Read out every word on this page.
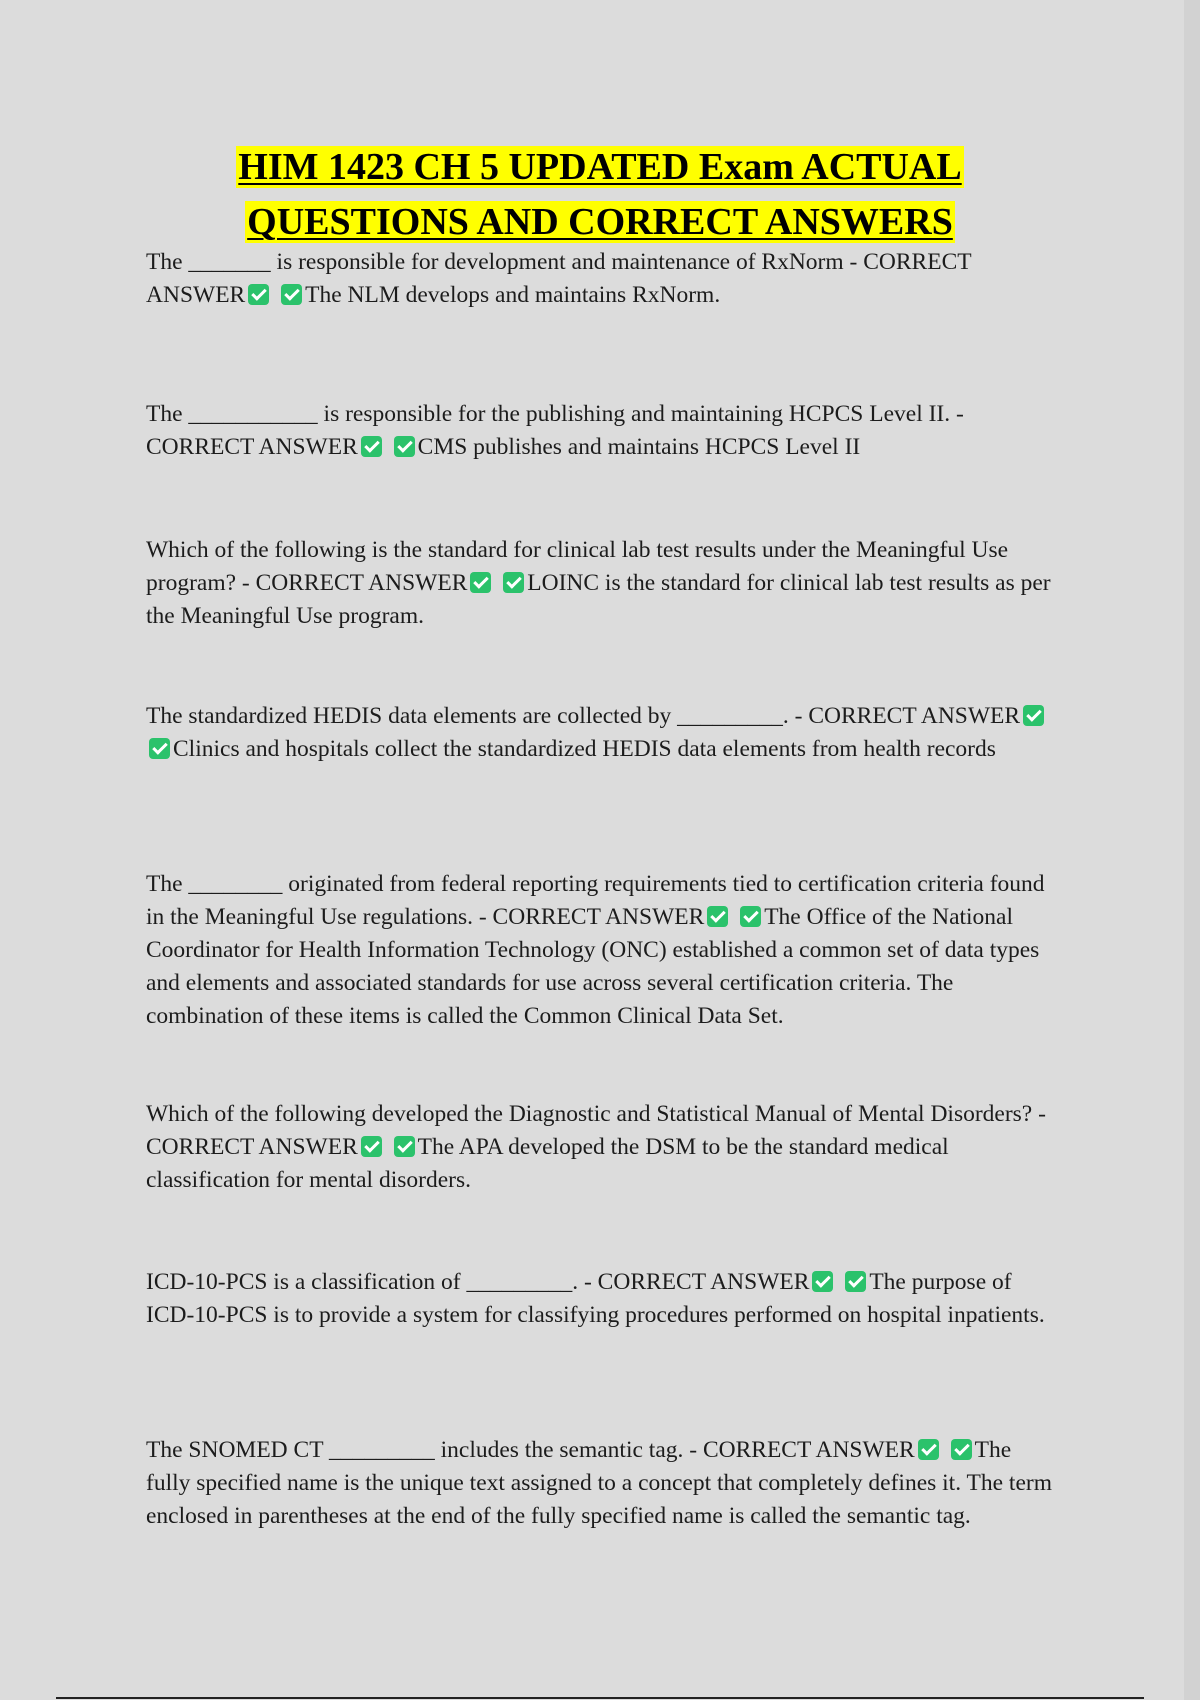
HIM 1423 CH 5 UPDATED Exam ACTUAL
QUESTIONS AND CORRECT ANSWERS

The _______ is responsible for development and maintenance of RxNorm - CORRECT ANSWER	The NLM develops and maintains RxNorm.

The ___________ is responsible for the publishing and maintaining HCPCS Level II. - CORRECT ANSWER	CMS publishes and maintains HCPCS Level II

Which of the following is the standard for clinical lab test results under the Meaningful Use program? - CORRECT ANSWER	LOINC is the standard for clinical lab test results as per the Meaningful Use program.

The standardized HEDIS data elements are collected by _________. - CORRECT ANSWER Clinics and hospitals collect the standardized HEDIS data elements from health records

The ________ originated from federal reporting requirements tied to certification criteria found in the Meaningful Use regulations. - CORRECT ANSWER	The Office of the National Coordinator for Health Information Technology (ONC) established a common set of data types and elements and associated standards for use across several certification criteria. The combination of these items is called the Common Clinical Data Set.

Which of the following developed the Diagnostic and Statistical Manual of Mental Disorders? - CORRECT ANSWER	The APA developed the DSM to be the standard medical classification for mental disorders.

ICD-10-PCS is a classification of _________. - CORRECT ANSWER	The purpose of ICD-10-PCS is to provide a system for classifying procedures performed on hospital inpatients.

The SNOMED CT _________ includes the semantic tag. - CORRECT ANSWER	The fully specified name is the unique text assigned to a concept that completely defines it. The term enclosed in parentheses at the end of the fully specified name is called the semantic tag.
